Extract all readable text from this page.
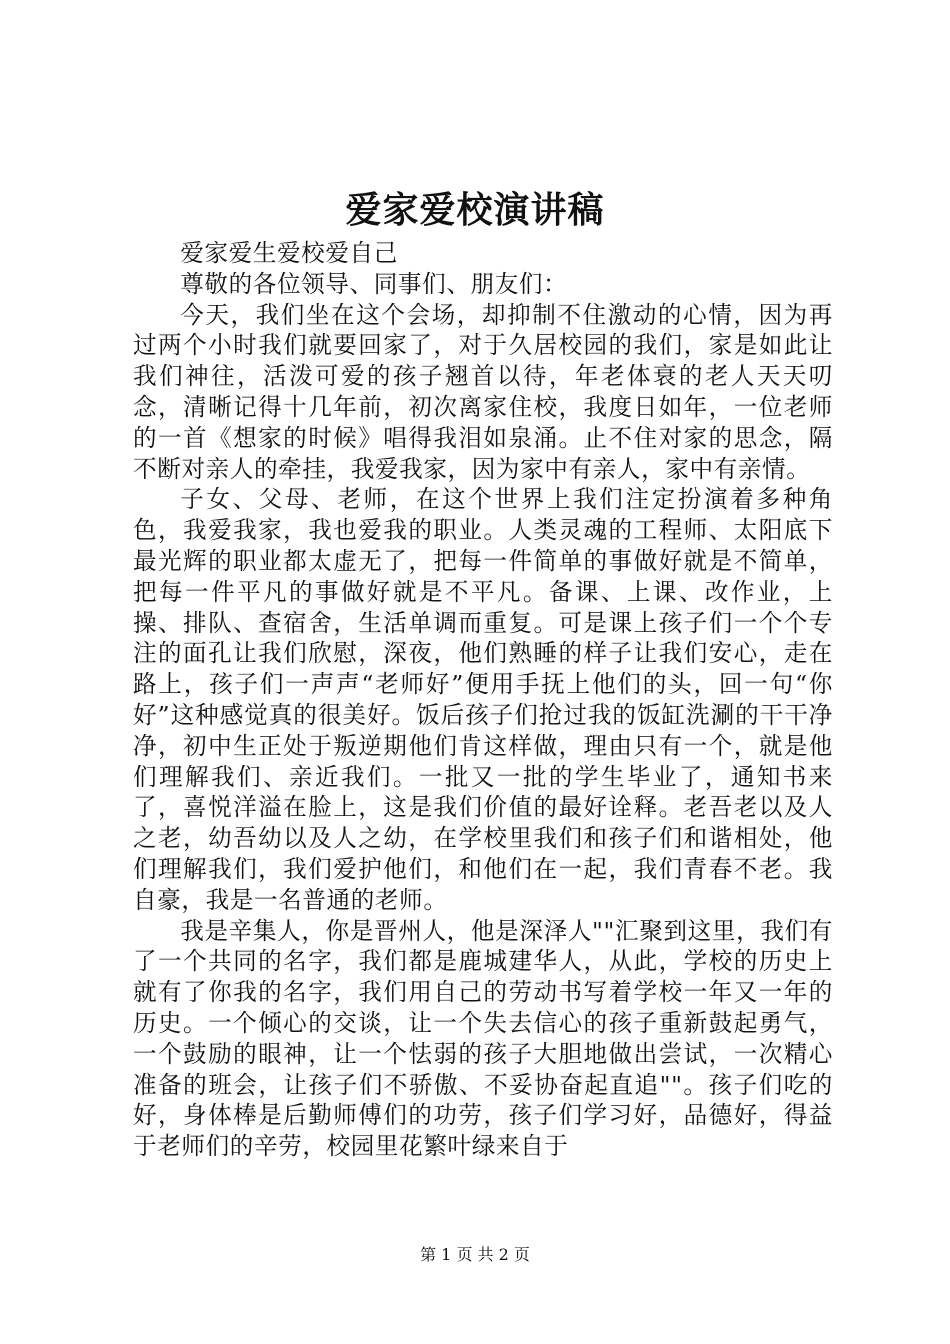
爱家爱校演讲稿

爱家爱生爱校爱自己

尊敬的各位领导、同事们、朋友们：

今天，我们坐在这个会场，却抑制不住激动的心情，因为再过两个小时我们就要回家了，对于久居校园的我们，家是如此让我们神往，活泼可爱的孩子翘首以待，年老体衰的老人天天叨念，清晰记得十几年前，初次离家住校，我度日如年，一位老师的一首《想家的时候》唱得我泪如泉涌。止不住对家的思念，隔不断对亲人的牵挂，我爱我家，因为家中有亲人，家中有亲情。

子女、父母、老师，在这个世界上我们注定扮演着多种角色，我爱我家，我也爱我的职业。人类灵魂的工程师、太阳底下最光辉的职业都太虚无了，把每一件简单的事做好就是不简单，把每一件平凡的事做好就是不平凡。备课、上课、改作业，上操、排队、查宿舍，生活单调而重复。可是课上孩子们一个个专注的面孔让我们欣慰，深夜，他们熟睡的样子让我们安心，走在路上，孩子们一声声“老师好”便用手抚上他们的头，回一句“你好”这种感觉真的很美好。饭后孩子们抢过我的饭缸洗涮的干干净净，初中生正处于叛逆期他们肯这样做，理由只有一个，就是他们理解我们、亲近我们。一批又一批的学生毕业了，通知书来了，喜悦洋溢在脸上，这是我们价值的最好诠释。老吾老以及人之老，幼吾幼以及人之幼，在学校里我们和孩子们和谐相处，他们理解我们，我们爱护他们，和他们在一起，我们青春不老。我自豪，我是一名普通的老师。

我是辛集人，你是晋州人，他是深泽人""汇聚到这里，我们有了一个共同的名字，我们都是鹿城建华人，从此，学校的历史上就有了你我的名字，我们用自己的劳动书写着学校一年又一年的历史。一个倾心的交谈，让一个失去信心的孩子重新鼓起勇气，一个鼓励的眼神，让一个怯弱的孩子大胆地做出尝试，一次精心准备的班会，让孩子们不骄傲、不妥协奋起直追""。孩子们吃的好，身体棒是后勤师傅们的功劳，孩子们学习好，品德好，得益于老师们的辛劳，校园里花繁叶绿来自于

第 1 页 共 2 页
